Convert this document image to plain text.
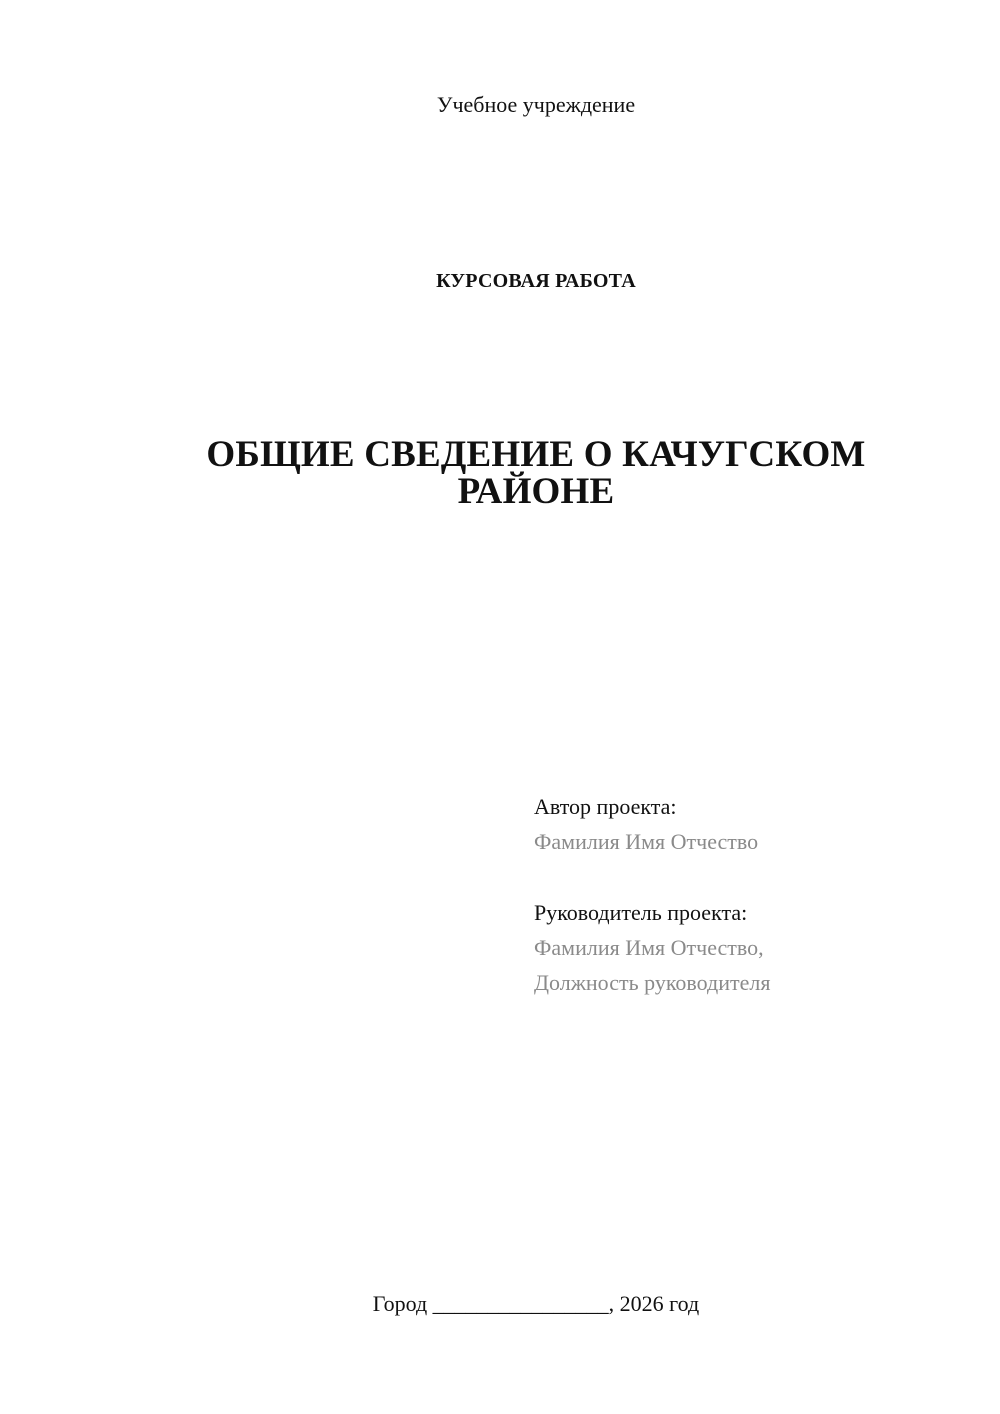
Учебное учреждение
КУРСОВАЯ РАБОТА
ОБЩИЕ СВЕДЕНИЕ О КАЧУГСКОМ
РАЙОНЕ
Автор проекта:
Фамилия Имя Отчество
Руководитель проекта:
Фамилия Имя Отчество,
Должность руководителя
Город ________________, 2026 год
